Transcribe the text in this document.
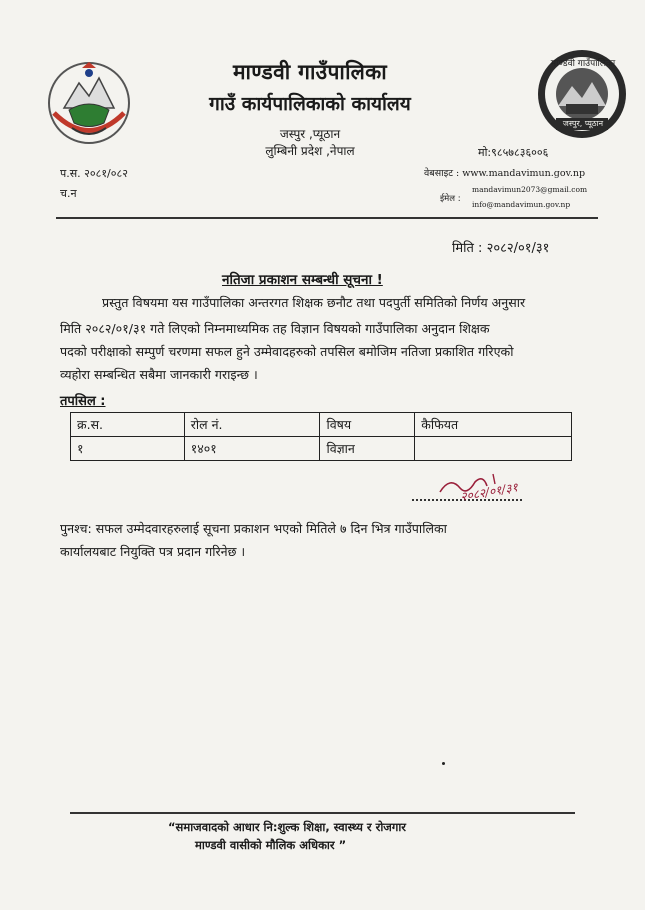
माण्डवी गाउँपालिका
जस्पुर, प्यूठान
माण्डवी गाउँपालिका
गाउँ कार्यपालिकाको कार्यालय
जस्पुर ,प्यूठान
लुम्बिनी प्रदेश ,नेपाल	मो:९८५७८३६००६
वेबसाइट : www.mandavimun.gov.np
mandavimun2073@gmail.com
ईमेल :
info@mandavimun.gov.np
प.स. २०८१/०८२
च.न
मिति : २०८२/०१/३१
नतिजा प्रकाशन सम्बन्धी सूचना !
प्रस्तुत विषयमा यस गाउँपालिका अन्तरगत शिक्षक छनौट तथा पदपुर्ती समितिको निर्णय अनुसार
मिति २०८२/०१/३१ गते लिएको निम्नमाध्यमिक तह विज्ञान विषयको गाउँपालिका अनुदान शिक्षक
पदको परीक्षाको सम्पुर्ण चरणमा सफल हुने उम्मेवादहरुको तपसिल बमोजिम नतिजा प्रकाशित गरिएको
व्यहोरा सम्बन्धित सबैमा जानकारी गराइन्छ ।
तपसिल :
क्र.स.	रोल नं.	विषय	कैफियत
१	१४०१	विज्ञान	
२०८२/०१/३१
पुनश्च: सफल उम्मेदवारहरुलाई सूचना प्रकाशन भएको मितिले ७ दिन भित्र गाउँपालिका
कार्यालयबाट नियुक्ति पत्र प्रदान गरिनेछ ।
“समाजवादको आधार नि:शुल्क शिक्षा, स्वास्थ्य र रोजगार
माण्डवी वासीको मौलिक अधिकार ”
